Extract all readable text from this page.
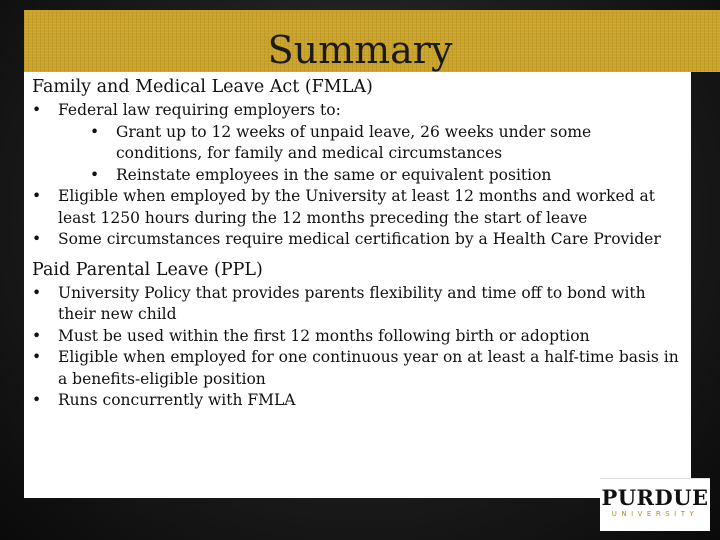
Summary
Family and Medical Leave Act (FMLA)
• Federal law requiring employers to:
• Grant up to 12 weeks of unpaid leave, 26 weeks under some conditions, for family and medical circumstances
• Reinstate employees in the same or equivalent position
• Eligible when employed by the University at least 12 months and worked at least 1250 hours during the 12 months preceding the start of leave
• Some circumstances require medical certification by a Health Care Provider
Paid Parental Leave (PPL)
• University Policy that provides parents flexibility and time off to bond with their new child
• Must be used within the first 12 months following birth or adoption
• Eligible when employed for one continuous year on at least a half-time basis in a benefits-eligible position
• Runs concurrently with FMLA
PURDUE
UNIVERSITY
